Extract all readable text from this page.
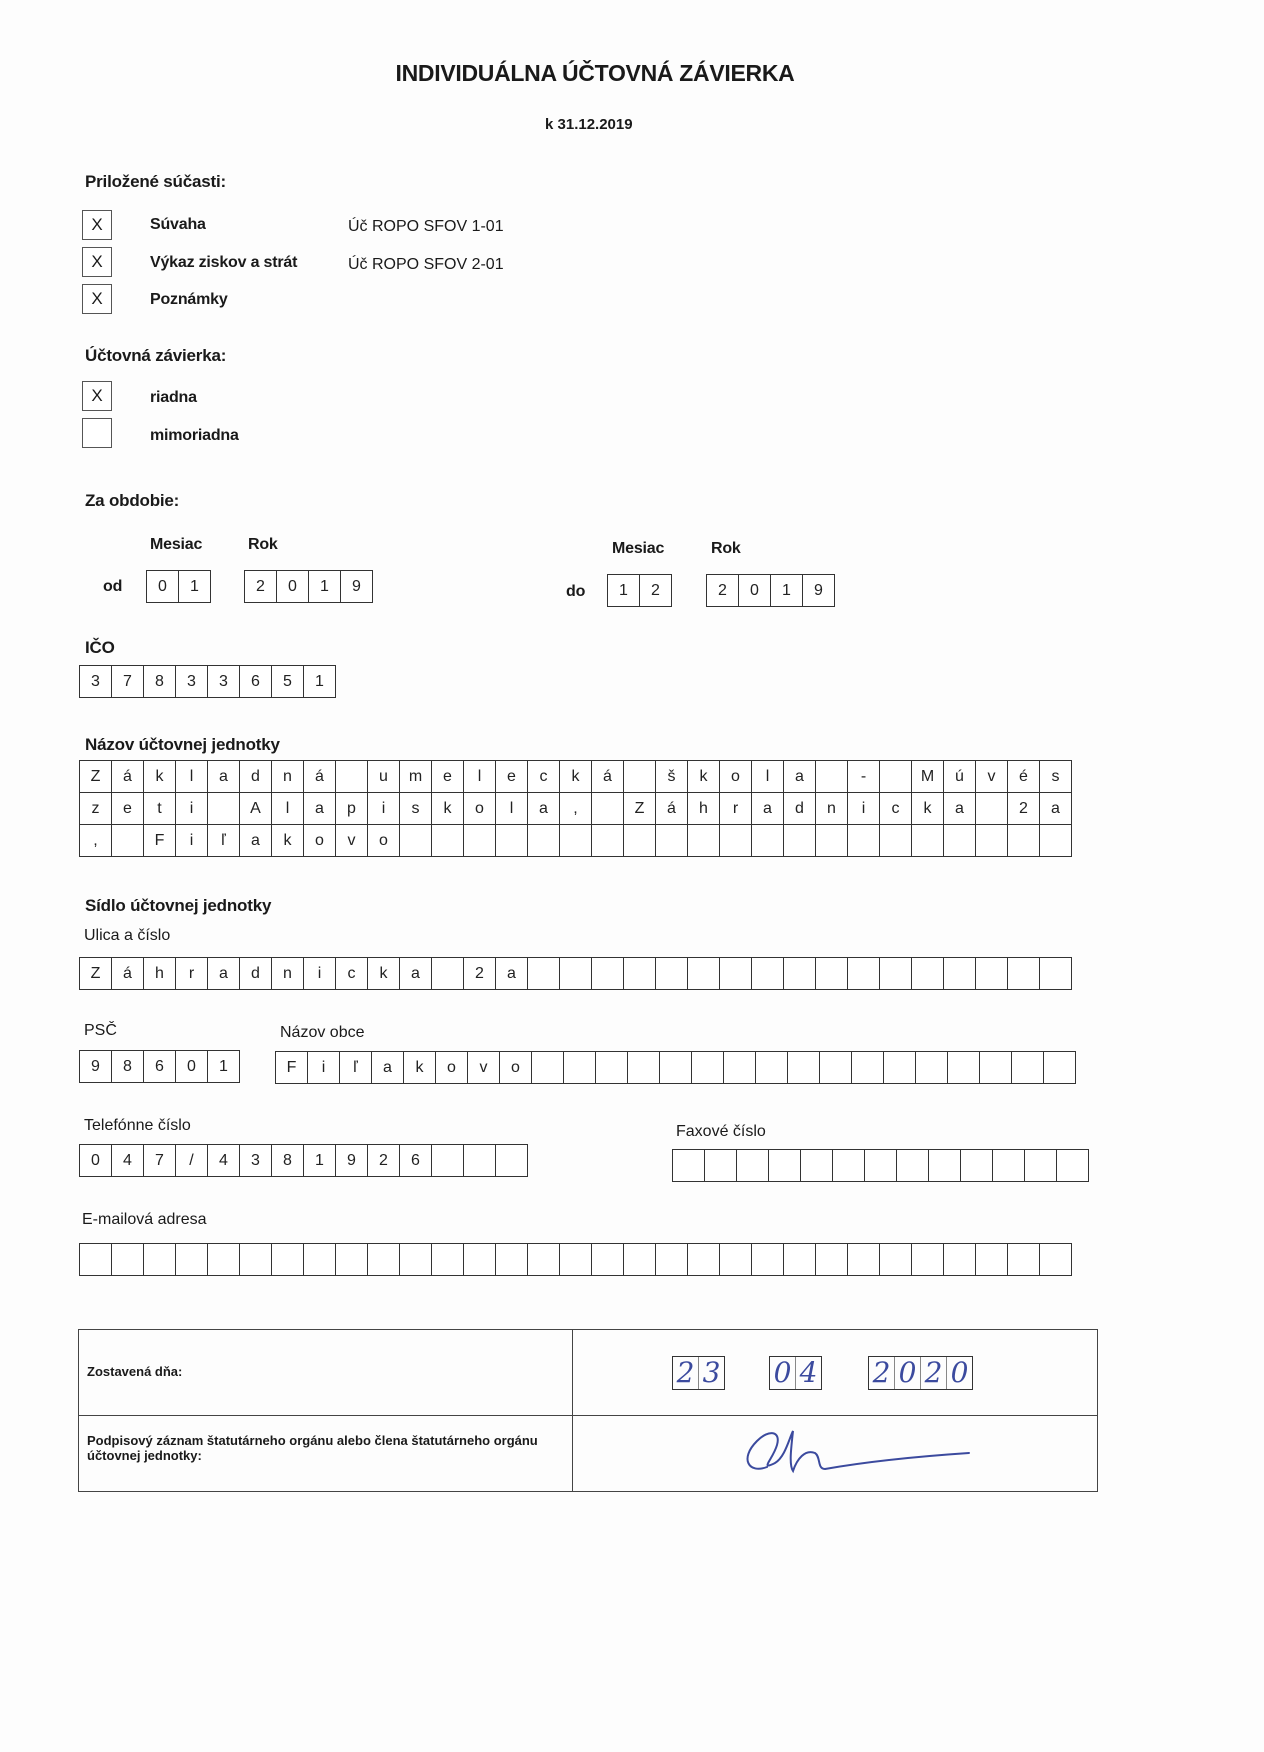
INDIVIDUÁLNA ÚČTOVNÁ ZÁVIERKA
k 31.12.2019
Priložené súčasti:
X	Súvaha	Úč ROPO SFOV 1-01
X	Výkaz ziskov a strát	Úč ROPO SFOV 2-01
X	Poznámky
Účtovná závierka:
X	riadna
mimoriadna
Za obdobie:
Mesiac	Rok
od	0	1	2	0	1	9
Mesiac	Rok
do	1	2	2	0	1	9
IČO
3	7	8	3	3	6	5	1
Názov účtovnej jednotky
Z	á	k	l	a	d	n	á	u	m	e	l	e	c	k	á	š	k	o	l	a	-	M	ú	v	é	s
z	e	t	i	A	l	a	p	i	s	k	o	l	a	,	Z	á	h	r	a	d	n	i	c	k	a	2	a
,	F	i	ľ	a	k	o	v	o
Sídlo účtovnej jednotky
Ulica a číslo
Z	á	h	r	a	d	n	i	c	k	a	2	a
PSČ
9	8	6	0	1
Názov obce
F	i	ľ	a	k	o	v	o
Telefónne číslo
0	4	7	/	4	3	8	1	9	2	6
Faxové číslo
E-mailová adresa
Zostavená dňa:	2 3 0 4 2 0 2 0
Podpisový záznam štatutárneho orgánu alebo člena štatutárneho orgánu účtovnej jednotky:
